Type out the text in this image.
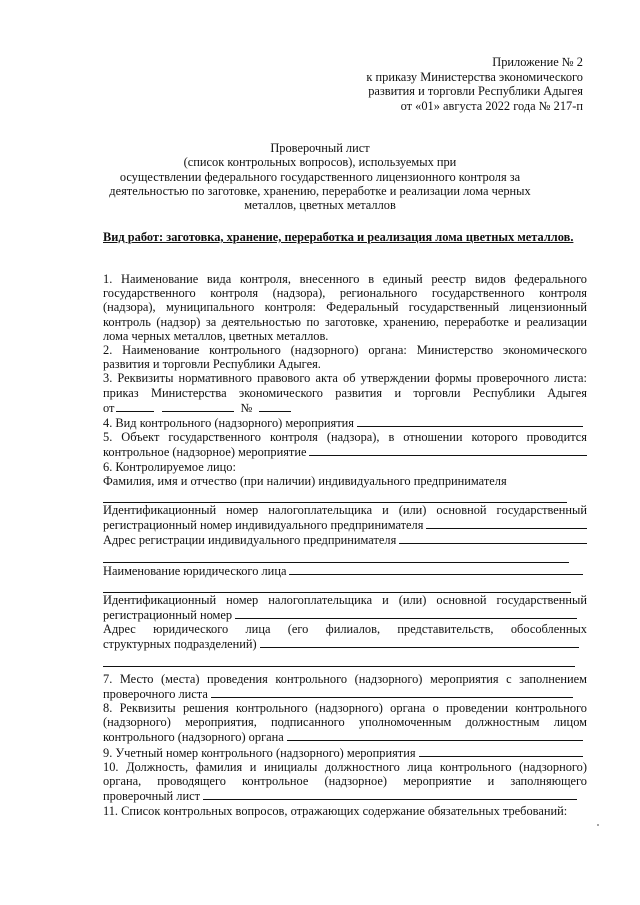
Приложение № 2
к приказу Министерства экономического
развития и торговли Республики Адыгея
от «01» августа 2022 года № 217-п
Проверочный лист
(список контрольных вопросов), используемых при
осуществлении федерального государственного лицензионного контроля за
деятельностью по заготовке, хранению, переработке и реализации лома черных
металлов, цветных металлов
Вид работ: заготовка, хранение, переработка и реализация лома цветных металлов.

1. Наименование вида контроля, внесенного в единый реестр видов федерального

государственного контроля (надзора), регионального государственного контроля

(надзора), муниципального контроля: Федеральный государственный лицензионный

контроль (надзор) за деятельностью по заготовке, хранению, переработке и реализации

лома черных металлов, цветных металлов.

2. Наименование контрольного (надзорного) органа: Министерство экономического

развития и торговли Республики Адыгея.

3. Реквизиты нормативного правового акта об утверждении формы проверочного листа:

приказ Министерства экономического развития и торговли Республики Адыгея

от	№

4. Вид контрольного (надзорного) мероприятия

5. Объект государственного контроля (надзора), в отношении которого проводится

контрольное (надзорное) мероприятие

6. Контролируемое лицо:

Фамилия, имя и отчество (при наличии) индивидуального предпринимателя

Идентификационный номер налогоплательщика и (или) основной государственный

регистрационный номер индивидуального предпринимателя
Адрес регистрации индивидуального предпринимателя
Наименование юридического лица

Идентификационный номер налогоплательщика и (или) основной государственный

регистрационный номер

Адрес юридического лица (его филиалов, представительств, обособленных

структурных подразделений)

7. Место (места) проведения контрольного (надзорного) мероприятия с заполнением

проверочного листа

8. Реквизиты решения контрольного (надзорного) органа о проведении контрольного

(надзорного) мероприятия, подписанного уполномоченным должностным лицом

контрольного (надзорного) органа
9. Учетный номер контрольного (надзорного) мероприятия

10. Должность, фамилия и инициалы должностного лица контрольного (надзорного)

органа, проводящего контрольное (надзорное) мероприятие и заполняющего

проверочный лист

11. Список контрольных вопросов, отражающих содержание обязательных требований:
